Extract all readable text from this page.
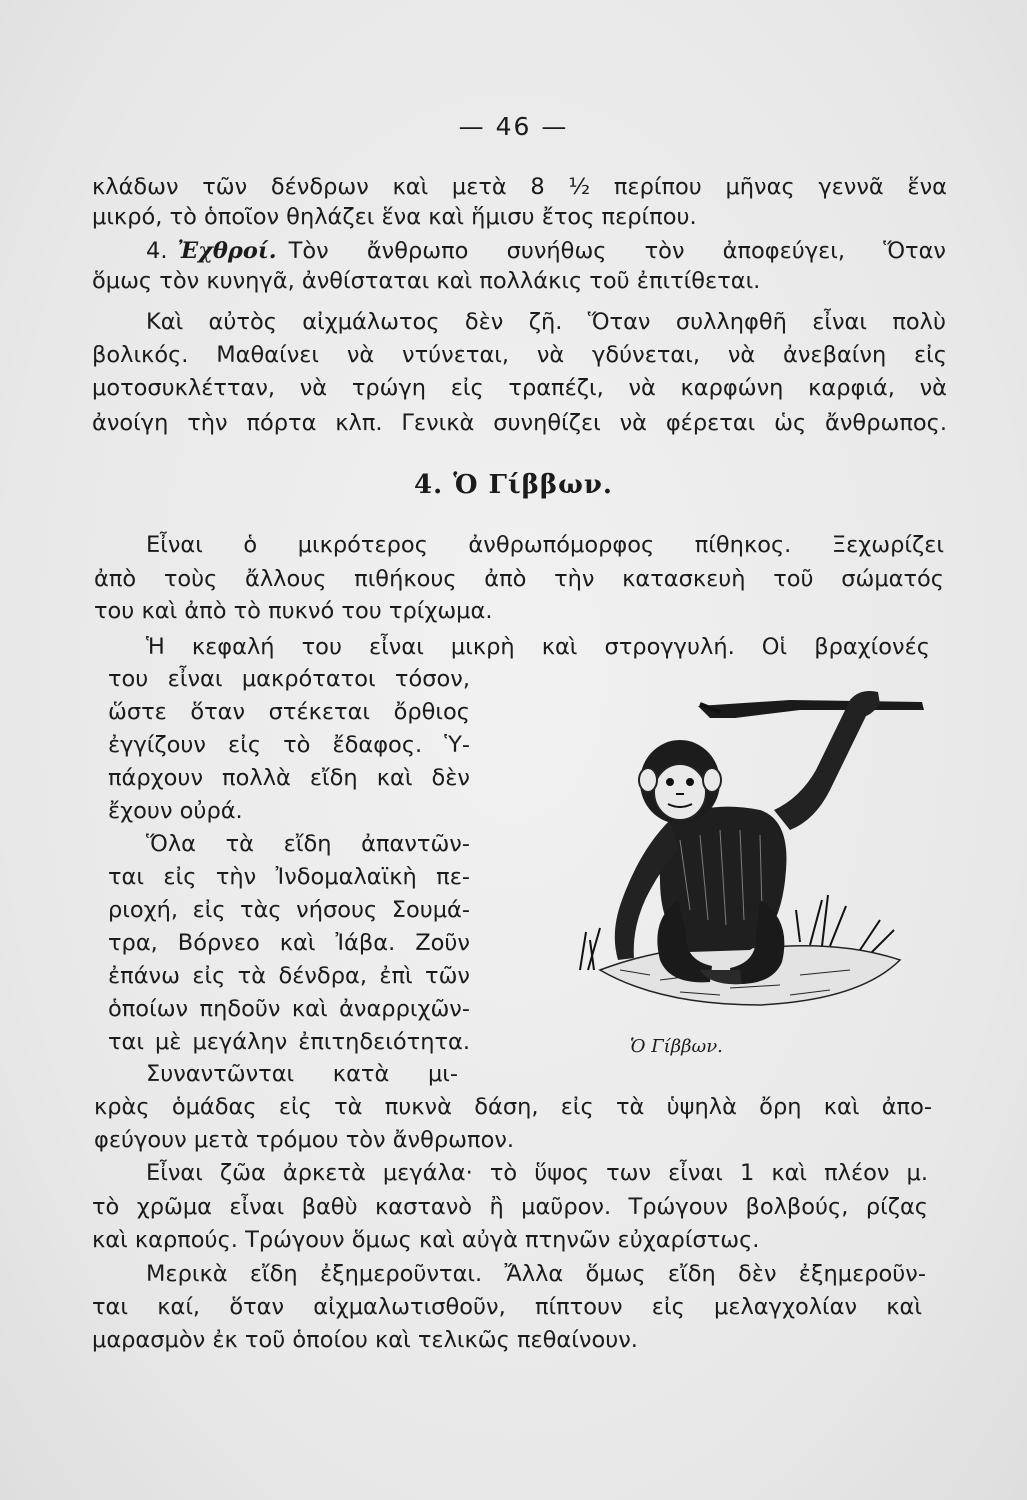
— 46 —
κλάδων τῶν δένδρων καὶ μετὰ 8 ½ περίπου μῆνας γεννᾶ ἕνα
μικρό, τὸ ὁποῖον θηλάζει ἕνα καὶ ἥμισυ ἔτος περίπου.
4. Ἐχθροί. Τὸν ἄνθρωπο συνήθως τὸν ἀποφεύγει, Ὅταν
ὅμως τὸν κυνηγᾶ, ἀνθίσταται καὶ πολλάκις τοῦ ἐπιτίθεται.
Καὶ αὐτὸς αἰχμάλωτος δὲν ζῆ. Ὅταν συλληφθῆ εἶναι πολὺ
βολικός. Μαθαίνει νὰ ντύνεται, νὰ γδύνεται, νὰ ἀνεβαίνη εἰς
μοτοσυκλέτταν, νὰ τρώγη εἰς τραπέζι, νὰ καρφώνη καρφιά, νὰ
ἀνοίγη τὴν πόρτα κλπ. Γενικὰ συνηθίζει νὰ φέρεται ὡς ἄνθρωπος.
4. Ὁ Γίββων.
Εἶναι ὁ μικρότερος ἀνθρωπόμορφος πίθηκος. Ξεχωρίζει
ἀπὸ τοὺς ἄλλους πιθήκους ἀπὸ τὴν κατασκευὴ τοῦ σώματός
του καὶ ἀπὸ τὸ πυκνό του τρίχωμα.
Ἡ κεφαλή του εἶναι μικρὴ καὶ στρογγυλή. Οἱ βραχίονές
του εἶναι μακρότατοι τόσον,
ὥστε ὅταν στέκεται ὄρθιος
ἐγγίζουν εἰς τὸ ἔδαφος. Ὑ-
πάρχουν πολλὰ εἴδη καὶ δὲν
ἔχουν οὐρά.
Ὅλα τὰ εἴδη ἀπαντῶν-
ται εἰς τὴν Ἰνδομαλαϊκὴ πε-
ριοχή, εἰς τὰς νήσους Σουμά-
τρα, Βόρνεο καὶ Ἰάβα. Ζοῦν
ἐπάνω εἰς τὰ δένδρα, ἐπὶ τῶν
ὁποίων πηδοῦν καὶ ἀναρριχῶν-
ται μὲ μεγάλην ἐπιτηδειότητα.
Συναντῶνται κατὰ μι-
Ὁ Γίββων.
κρὰς ὁμάδας εἰς τὰ πυκνὰ δάση, εἰς τὰ ὑψηλὰ ὄρη καὶ ἀπο-
φεύγουν μετὰ τρόμου τὸν ἄνθρωπον.
Εἶναι ζῶα ἀρκετὰ μεγάλα· τὸ ὕψος των εἶναι 1 καὶ πλέον μ.
τὸ χρῶμα εἶναι βαθὺ καστανὸ ἢ μαῦρον. Τρώγουν βολβούς, ρίζας
καὶ καρπούς. Τρώγουν ὅμως καὶ αὐγὰ πτηνῶν εὐχαρίστως.
Μερικὰ εἴδη ἐξημεροῦνται. Ἄλλα ὅμως εἴδη δὲν ἐξημεροῦν-
ται καί, ὅταν αἰχμαλωτισθοῦν, πίπτουν εἰς μελαγχολίαν καὶ
μαρασμὸν ἐκ τοῦ ὁποίου καὶ τελικῶς πεθαίνουν.
